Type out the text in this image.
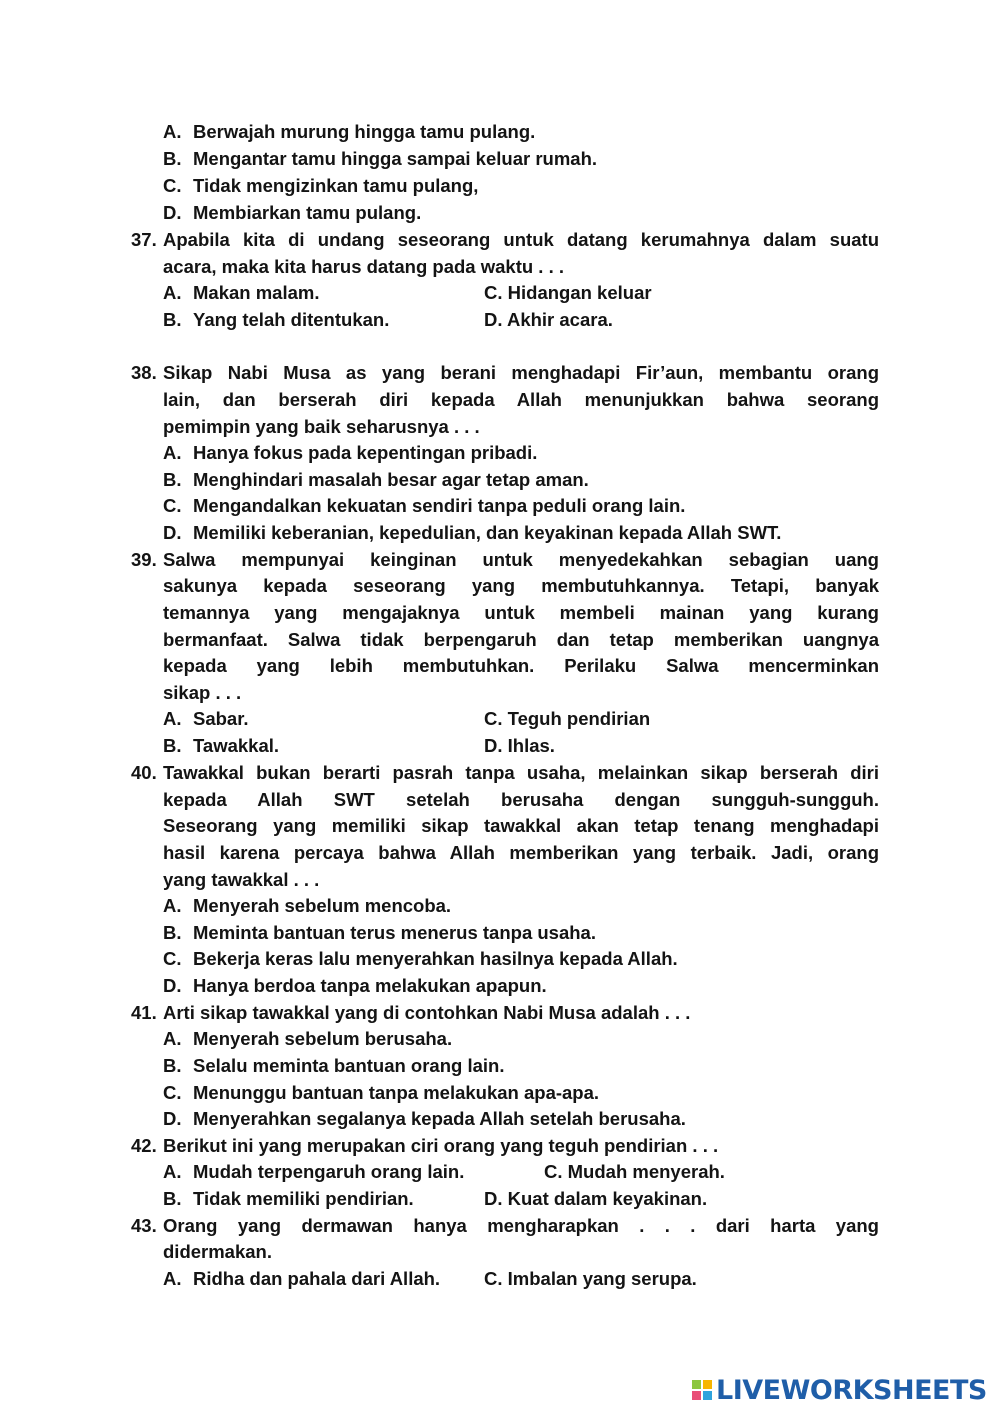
A. Berwajah murung hingga tamu pulang.
B. Mengantar tamu hingga sampai keluar rumah.
C. Tidak mengizinkan tamu pulang,
D. Membiarkan tamu pulang.
37. Apabila kita di undang seseorang untuk datang kerumahnya dalam suatu
acara, maka kita harus datang pada waktu . . .
A. Makan malam.	C. Hidangan keluar
B. Yang telah ditentukan.	D. Akhir acara.
38. Sikap Nabi Musa as yang berani menghadapi Fir’aun, membantu orang
lain, dan berserah diri kepada Allah menunjukkan bahwa seorang
pemimpin yang baik seharusnya . . .
A. Hanya fokus pada kepentingan pribadi.
B. Menghindari masalah besar agar tetap aman.
C. Mengandalkan kekuatan sendiri tanpa peduli orang lain.
D. Memiliki keberanian, kepedulian, dan keyakinan kepada Allah SWT.
39. Salwa mempunyai keinginan untuk menyedekahkan sebagian uang
sakunya kepada seseorang yang membutuhkannya. Tetapi, banyak
temannya yang mengajaknya untuk membeli mainan yang kurang
bermanfaat. Salwa tidak berpengaruh dan tetap memberikan uangnya
kepada yang lebih membutuhkan. Perilaku Salwa mencerminkan
sikap . . .
A. Sabar.	C. Teguh pendirian
B. Tawakkal.	D. Ihlas.
40. Tawakkal bukan berarti pasrah tanpa usaha, melainkan sikap berserah diri
kepada Allah SWT setelah berusaha dengan sungguh-sungguh.
Seseorang yang memiliki sikap tawakkal akan tetap tenang menghadapi
hasil karena percaya bahwa Allah memberikan yang terbaik. Jadi, orang
yang tawakkal . . .
A. Menyerah sebelum mencoba.
B. Meminta bantuan terus menerus tanpa usaha.
C. Bekerja keras lalu menyerahkan hasilnya kepada Allah.
D. Hanya berdoa tanpa melakukan apapun.
41. Arti sikap tawakkal yang di contohkan Nabi Musa adalah . . .
A. Menyerah sebelum berusaha.
B. Selalu meminta bantuan orang lain.
C. Menunggu bantuan tanpa melakukan apa-apa.
D. Menyerahkan segalanya kepada Allah setelah berusaha.
42. Berikut ini yang merupakan ciri orang yang teguh pendirian . . .
A. Mudah terpengaruh orang lain.	C. Mudah menyerah.
B. Tidak memiliki pendirian.	D. Kuat dalam keyakinan.
43. Orang yang dermawan hanya mengharapkan . . . dari harta yang
didermakan.
A. Ridha dan pahala dari Allah. C. Imbalan yang serupa.
LIVEWORKSHEETS
